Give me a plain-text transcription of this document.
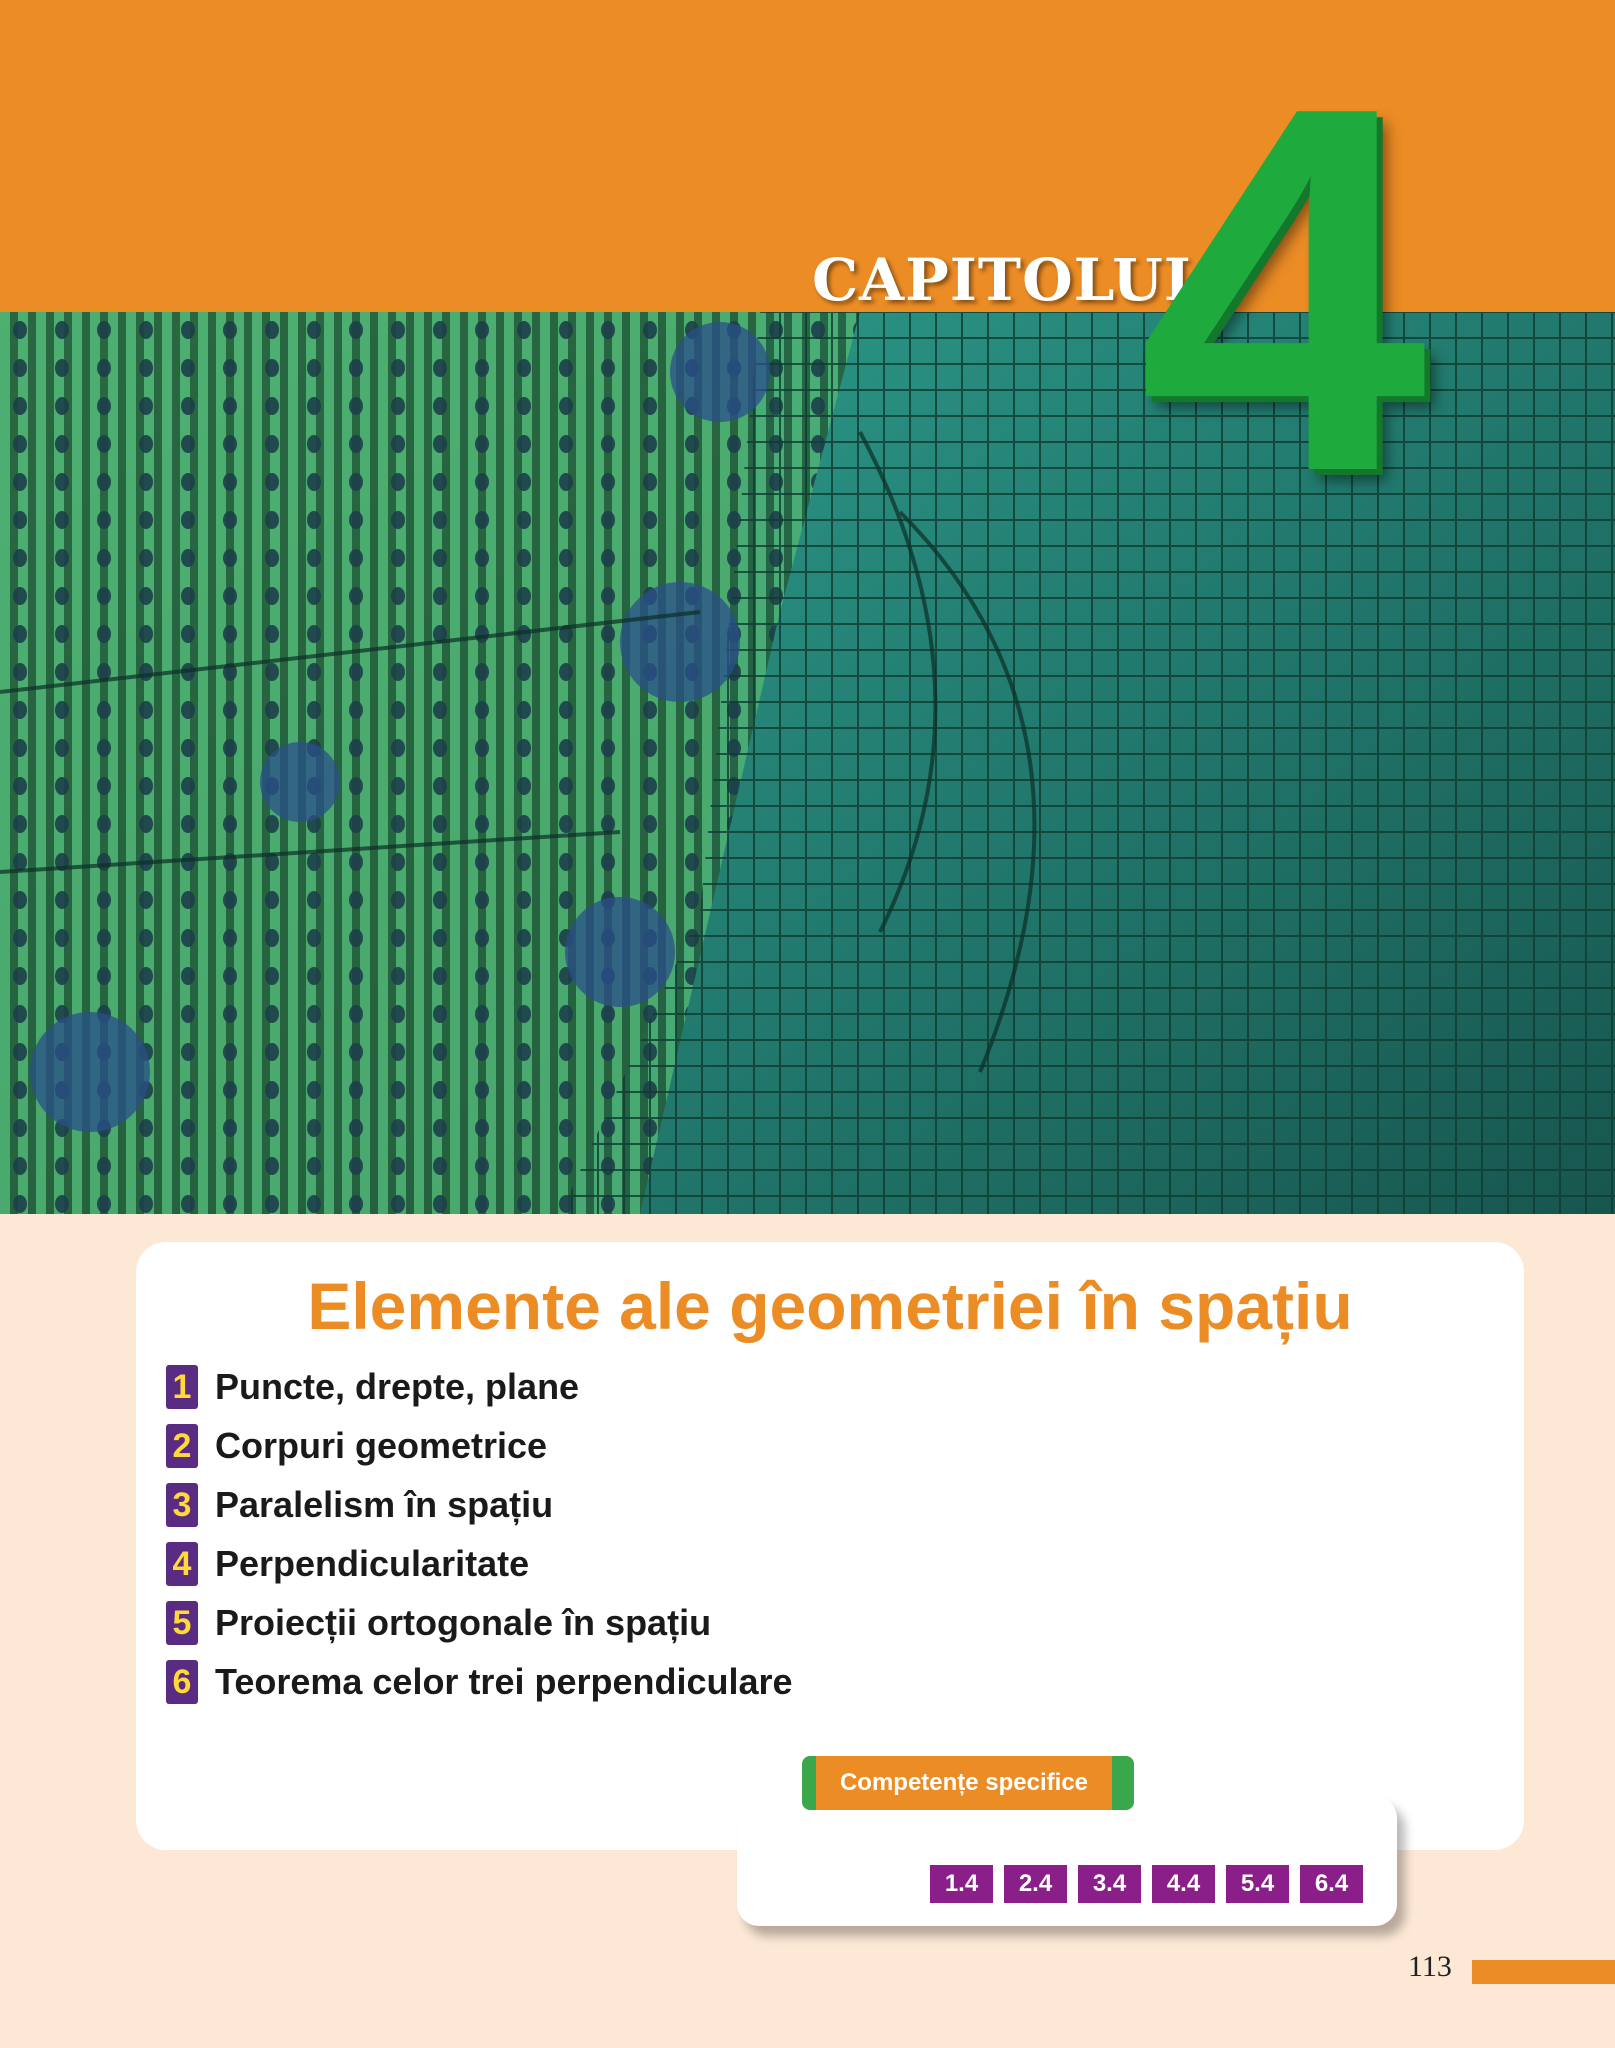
CAPITOLUL
4
Elemente ale geometriei în spațiu
1 Puncte, drepte, plane
2 Corpuri geometrice
3 Paralelism în spațiu
4 Perpendicularitate
5 Proiecții ortogonale în spațiu
6 Teorema celor trei perpendiculare
Competențe specifice
1.4	2.4	3.4	4.4	5.4	6.4
113
